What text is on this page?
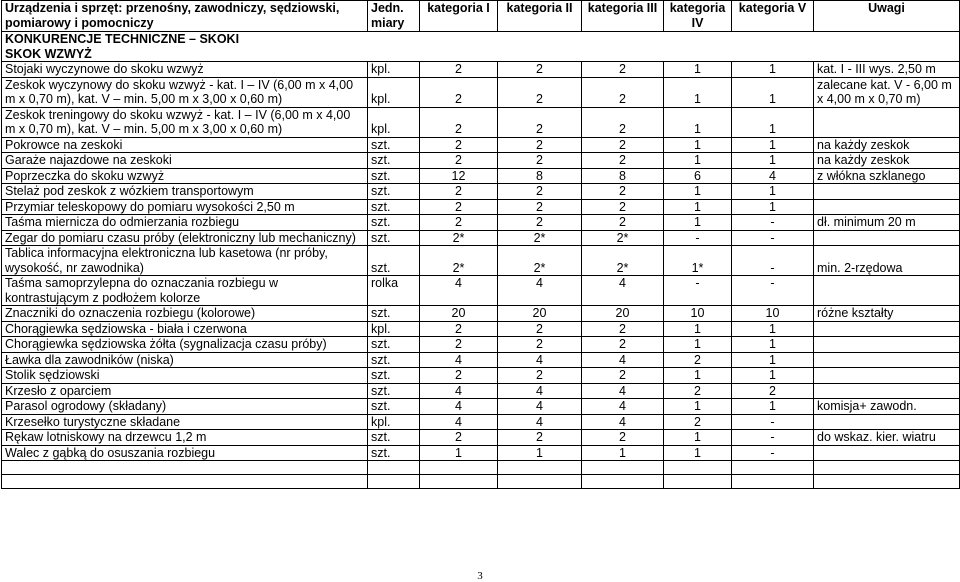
Urządzenia i sprzęt: przenośny, zawodniczy, sędziowski, pomiarowy i pomocniczy	Jedn. miary	kategoria I	kategoria II	kategoria III	kategoria IV	kategoria V	Uwagi
KONKURENCJE TECHNICZNE – SKOKI							
SKOK WZWYŻ							
Stojaki wyczynowe do skoku wzwyż	kpl.	2	2	2	1	1	kat. I - III wys. 2,50 m
Zeskok wyczynowy do skoku wzwyż - kat. I – IV (6,00 m x 4,00 m x 0,70 m), kat. V – min. 5,00 m x 3,00 x 0,60 m)	kpl.	2	2	2	1	1	zalecane kat. V - 6,00 m x 4,00 m x 0,70 m)
Zeskok treningowy do skoku wzwyż - kat. I – IV (6,00 m x 4,00 m x 0,70 m), kat. V – min. 5,00 m x 3,00 x 0,60 m)	kpl.	2	2	2	1	1	
Pokrowce na zeskoki	szt.	2	2	2	1	1	na każdy zeskok
Garaże najazdowe na zeskoki	szt.	2	2	2	1	1	na każdy zeskok
Poprzeczka do skoku wzwyż	szt.	12	8	8	6	4	z włókna szklanego
Stelaż pod zeskok z wózkiem transportowym	szt.	2	2	2	1	1	
Przymiar teleskopowy do pomiaru wysokości 2,50 m	szt.	2	2	2	1	1	
Taśma miernicza do odmierzania rozbiegu	szt.	2	2	2	1	-	dł. minimum 20 m
Zegar do pomiaru czasu próby (elektroniczny lub mechaniczny)	szt.	2*	2*	2*	-	-	
Tablica informacyjna elektroniczna lub kasetowa (nr próby, wysokość, nr zawodnika)	szt.	2*	2*	2*	1*	-	min. 2-rzędowa
Taśma samoprzylepna do oznaczania rozbiegu w kontrastującym z podłożem kolorze	rolka	4	4	4	-	-	
Znaczniki do oznaczenia rozbiegu (kolorowe)	szt.	20	20	20	10	10	różne kształty
Chorągiewka sędziowska - biała i czerwona	kpl.	2	2	2	1	1	
Chorągiewka sędziowska żółta (sygnalizacja czasu próby)	szt.	2	2	2	1	1	
Ławka dla zawodników (niska)	szt.	4	4	4	2	1	
Stolik sędziowski	szt.	2	2	2	1	1	
Krzesło z oparciem	szt.	4	4	4	2	2	
Parasol ogrodowy (składany)	szt.	4	4	4	1	1	komisja+ zawodn.
Krzesełko turystyczne składane	kpl.	4	4	4	2	-	
Rękaw lotniskowy na drzewcu 1,2 m	szt.	2	2	2	1	-	do wskaz. kier. wiatru
Walec z gąbką do osuszania rozbiegu	szt.	1	1	1	1	-	

3
